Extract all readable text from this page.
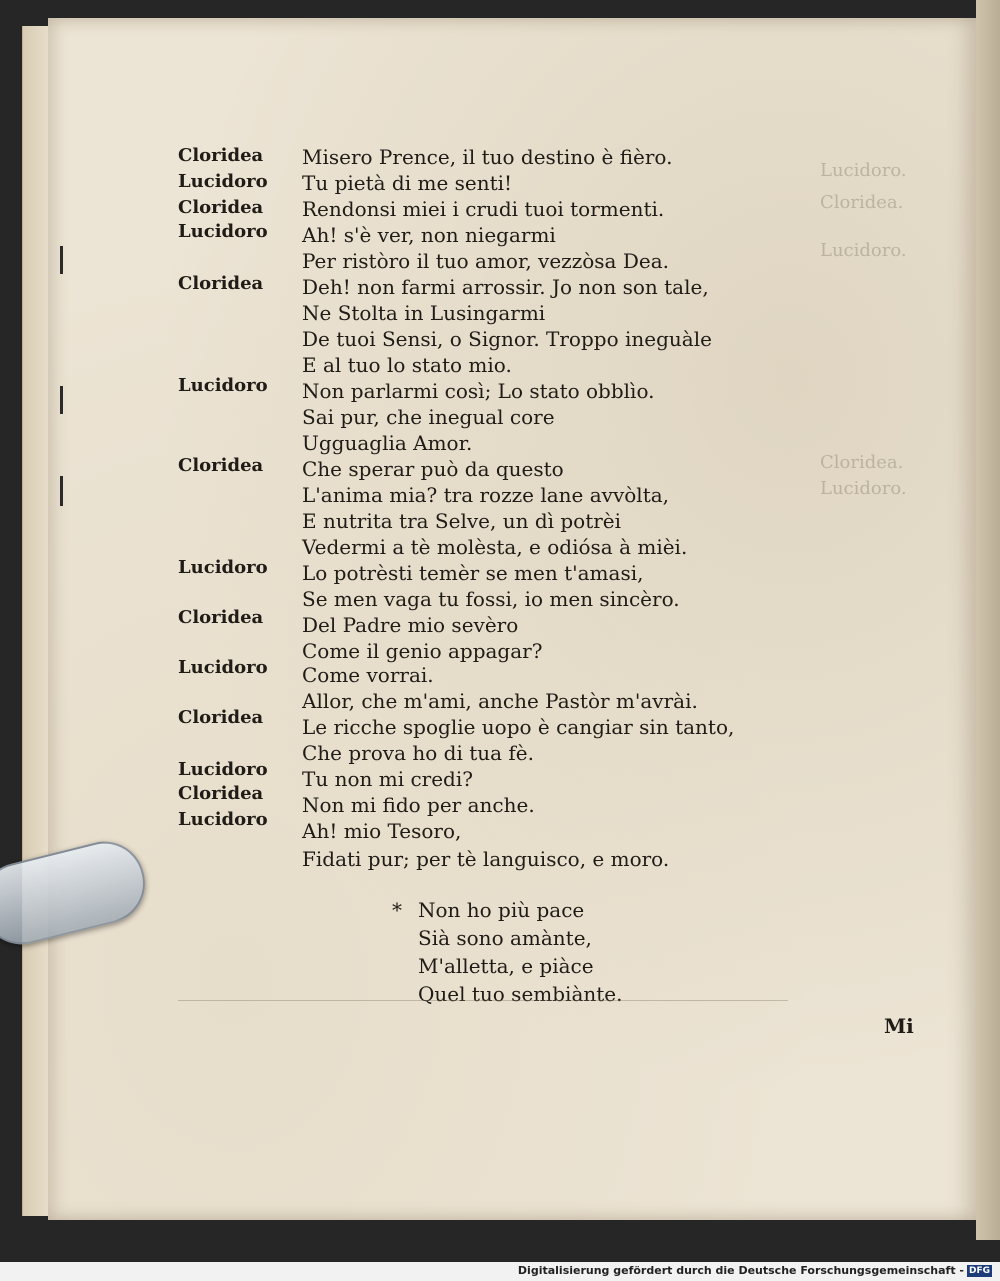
Lucidoro.
Cloridea.
Lucidoro.
Cloridea.
Lucidoro.
Cloridea
Lucidoro
Cloridea
Lucidoro
Cloridea
Lucidoro
Cloridea
Lucidoro
Cloridea
Lucidoro
Cloridea
Lucidoro
Cloridea
Lucidoro
Misero Prence, il tuo destino è fièro.
Tu pietà di me senti!
Rendonsi miei i crudi tuoi tormenti.
Ah! s'è ver, non niegarmi
Per ristòro il tuo amor, vezzòsa Dea.
Deh! non farmi arrossir. Jo non son tale,
Ne Stolta in Lusingarmi
De tuoi Sensi, o Signor. Troppo ineguàle
E al tuo lo stato mio.
Non parlarmi così; Lo stato obblìo.
Sai pur, che inegual core
Ugguaglia Amor.
Che sperar può da questo
L'anima mia? tra rozze lane avvòlta,
E nutrita tra Selve, un dì potrèi
Vedermi a tè molèsta, e odiósa à mièi.
Lo potrèsti temèr se men t'amasi,
Se men vaga tu fossi, io men sincèro.
Del Padre mio sevèro
Come il genio appagar?
Come vorrai.
Allor, che m'ami, anche Pastòr m'avrài.
Le ricche spoglie uopo è cangiar sin tanto,
Che prova ho di tua fè.
Tu non mi credi?
Non mi fido per anche.
Ah! mio Tesoro,
Fidati pur; per tè languisco, e moro.
* Non ho più pace
Sià sono amànte,
M'alletta, e piàce
Quel tuo sembiànte.
Mi
Digitalisierung gefördert durch die Deutsche Forschungsgemeinschaft - DFG
